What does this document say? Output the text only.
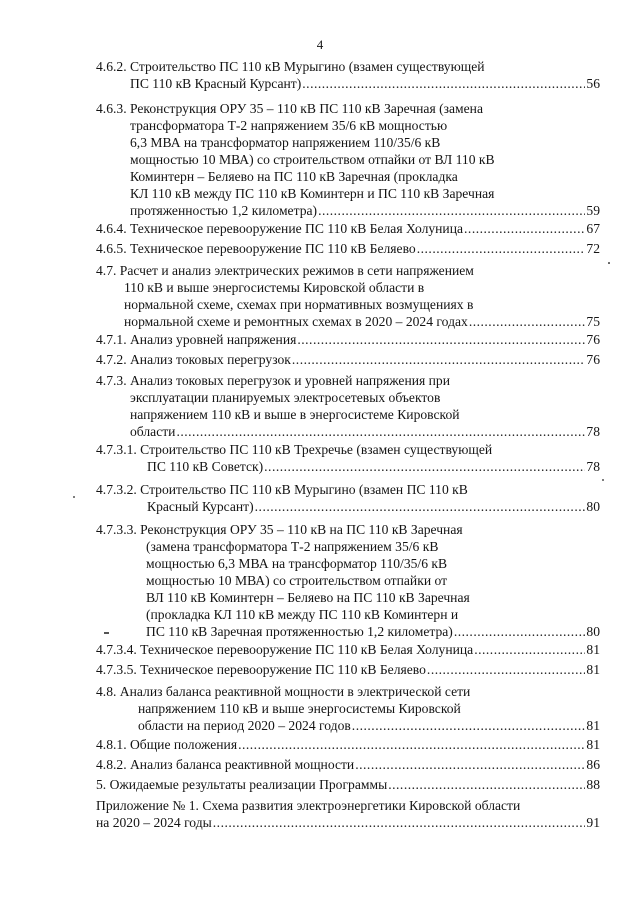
4
4.6.2. Строительство ПС 110 кВ Мурыгино (взамен существующей
ПС 110 кВ Красный Курсант) .....	56
4.6.3. Реконструкция ОРУ 35 – 110 кВ ПС 110 кВ Заречная (замена
трансформатора Т-2 напряжением 35/6 кВ мощностью
6,3 МВА на трансформатор напряжением 110/35/6 кВ
мощностью 10 МВА) со строительством отпайки от ВЛ 110 кВ
Коминтерн – Беляево на ПС 110 кВ Заречная (прокладка
КЛ 110 кВ между ПС 110 кВ Коминтерн и ПС 110 кВ Заречная
протяженностью 1,2 километра) .....	59
4.6.4. Техническое перевооружение ПС 110 кВ Белая Холуница .....	67
4.6.5. Техническое перевооружение ПС 110 кВ Беляево .....	72
4.7. Расчет и анализ электрических режимов в сети напряжением
110 кВ и выше энергосистемы Кировской области в
нормальной схеме, схемах при нормативных возмущениях в
нормальной схеме и ремонтных схемах в 2020 – 2024 годах .....	75
4.7.1. Анализ уровней напряжения .....	76
4.7.2. Анализ токовых перегрузок .....	76
4.7.3. Анализ токовых перегрузок и уровней напряжения при
эксплуатации планируемых электросетевых объектов
напряжением 110 кВ и выше в энергосистеме Кировской
области .....	78
4.7.3.1. Строительство ПС 110 кВ Трехречье (взамен существующей
ПС 110 кВ Советск) .....	78
4.7.3.2. Строительство ПС 110 кВ Мурыгино (взамен ПС 110 кВ
Красный Курсант) .....	80
4.7.3.3. Реконструкция ОРУ 35 – 110 кВ на ПС 110 кВ Заречная
(замена трансформатора Т-2 напряжением 35/6 кВ
мощностью 6,3 МВА на трансформатор 110/35/6 кВ
мощностью 10 МВА) со строительством отпайки от
ВЛ 110 кВ Коминтерн – Беляево на ПС 110 кВ Заречная
(прокладка КЛ 110 кВ между ПС 110 кВ Коминтерн и
ПС 110 кВ Заречная протяженностью 1,2 километра) .....	80
4.7.3.4. Техническое перевооружение ПС 110 кВ Белая Холуница .....	81
4.7.3.5. Техническое перевооружение ПС 110 кВ Беляево .....	81
4.8. Анализ баланса реактивной мощности в электрической сети
напряжением 110 кВ и выше энергосистемы Кировской
области на период 2020 – 2024 годов .....	81
4.8.1. Общие положения .....	81
4.8.2. Анализ баланса реактивной мощности .....	86
5. Ожидаемые результаты реализации Программы .....	88
Приложение № 1. Схема развития электроэнергетики Кировской области
на 2020 – 2024 годы .....	91
